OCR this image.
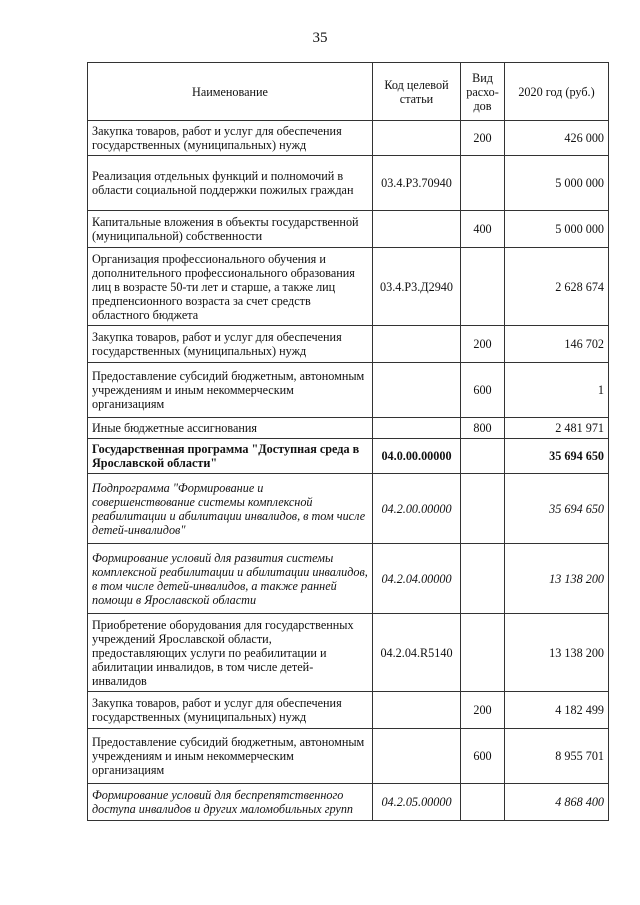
35
Наименование	Код целевой статьи	Вид расхо-дов	2020 год (руб.)
Закупка товаров, работ и услуг для обеспечения государственных (муниципальных) нужд		200	426 000
Реализация отдельных функций и полномочий в области социальной поддержки пожилых граждан	03.4.Р3.70940		5 000 000
Капитальные вложения в объекты государственной (муниципальной) собственности		400	5 000 000
Организация профессионального обучения и дополнительного профессионального образования лиц в возрасте 50-ти лет и старше, а также лиц предпенсионного возраста за счет средств областного бюджета	03.4.Р3.Д2940		2 628 674
Закупка товаров, работ и услуг для обеспечения государственных (муниципальных) нужд		200	146 702
Предоставление субсидий бюджетным, автономным учреждениям и иным некоммерческим организациям		600	1
Иные бюджетные ассигнования		800	2 481 971
Государственная программа "Доступная среда в Ярославской области"	04.0.00.00000		35 694 650
Подпрограмма "Формирование и совершенствование системы комплексной реабилитации и абилитации инвалидов, в том числе детей-инвалидов"	04.2.00.00000		35 694 650
Формирование условий для развития системы комплексной реабилитации и абилитации инвалидов, в том числе детей-инвалидов, а также ранней помощи в Ярославской области	04.2.04.00000		13 138 200
Приобретение оборудования для государственных учреждений Ярославской области, предоставляющих услуги по реабилитации и абилитации инвалидов, в том числе детей-инвалидов	04.2.04.R5140		13 138 200
Закупка товаров, работ и услуг для обеспечения государственных (муниципальных) нужд		200	4 182 499
Предоставление субсидий бюджетным, автономным учреждениям и иным некоммерческим организациям		600	8 955 701
Формирование условий для беспрепятственного доступа инвалидов и других маломобильных групп	04.2.05.00000		4 868 400
